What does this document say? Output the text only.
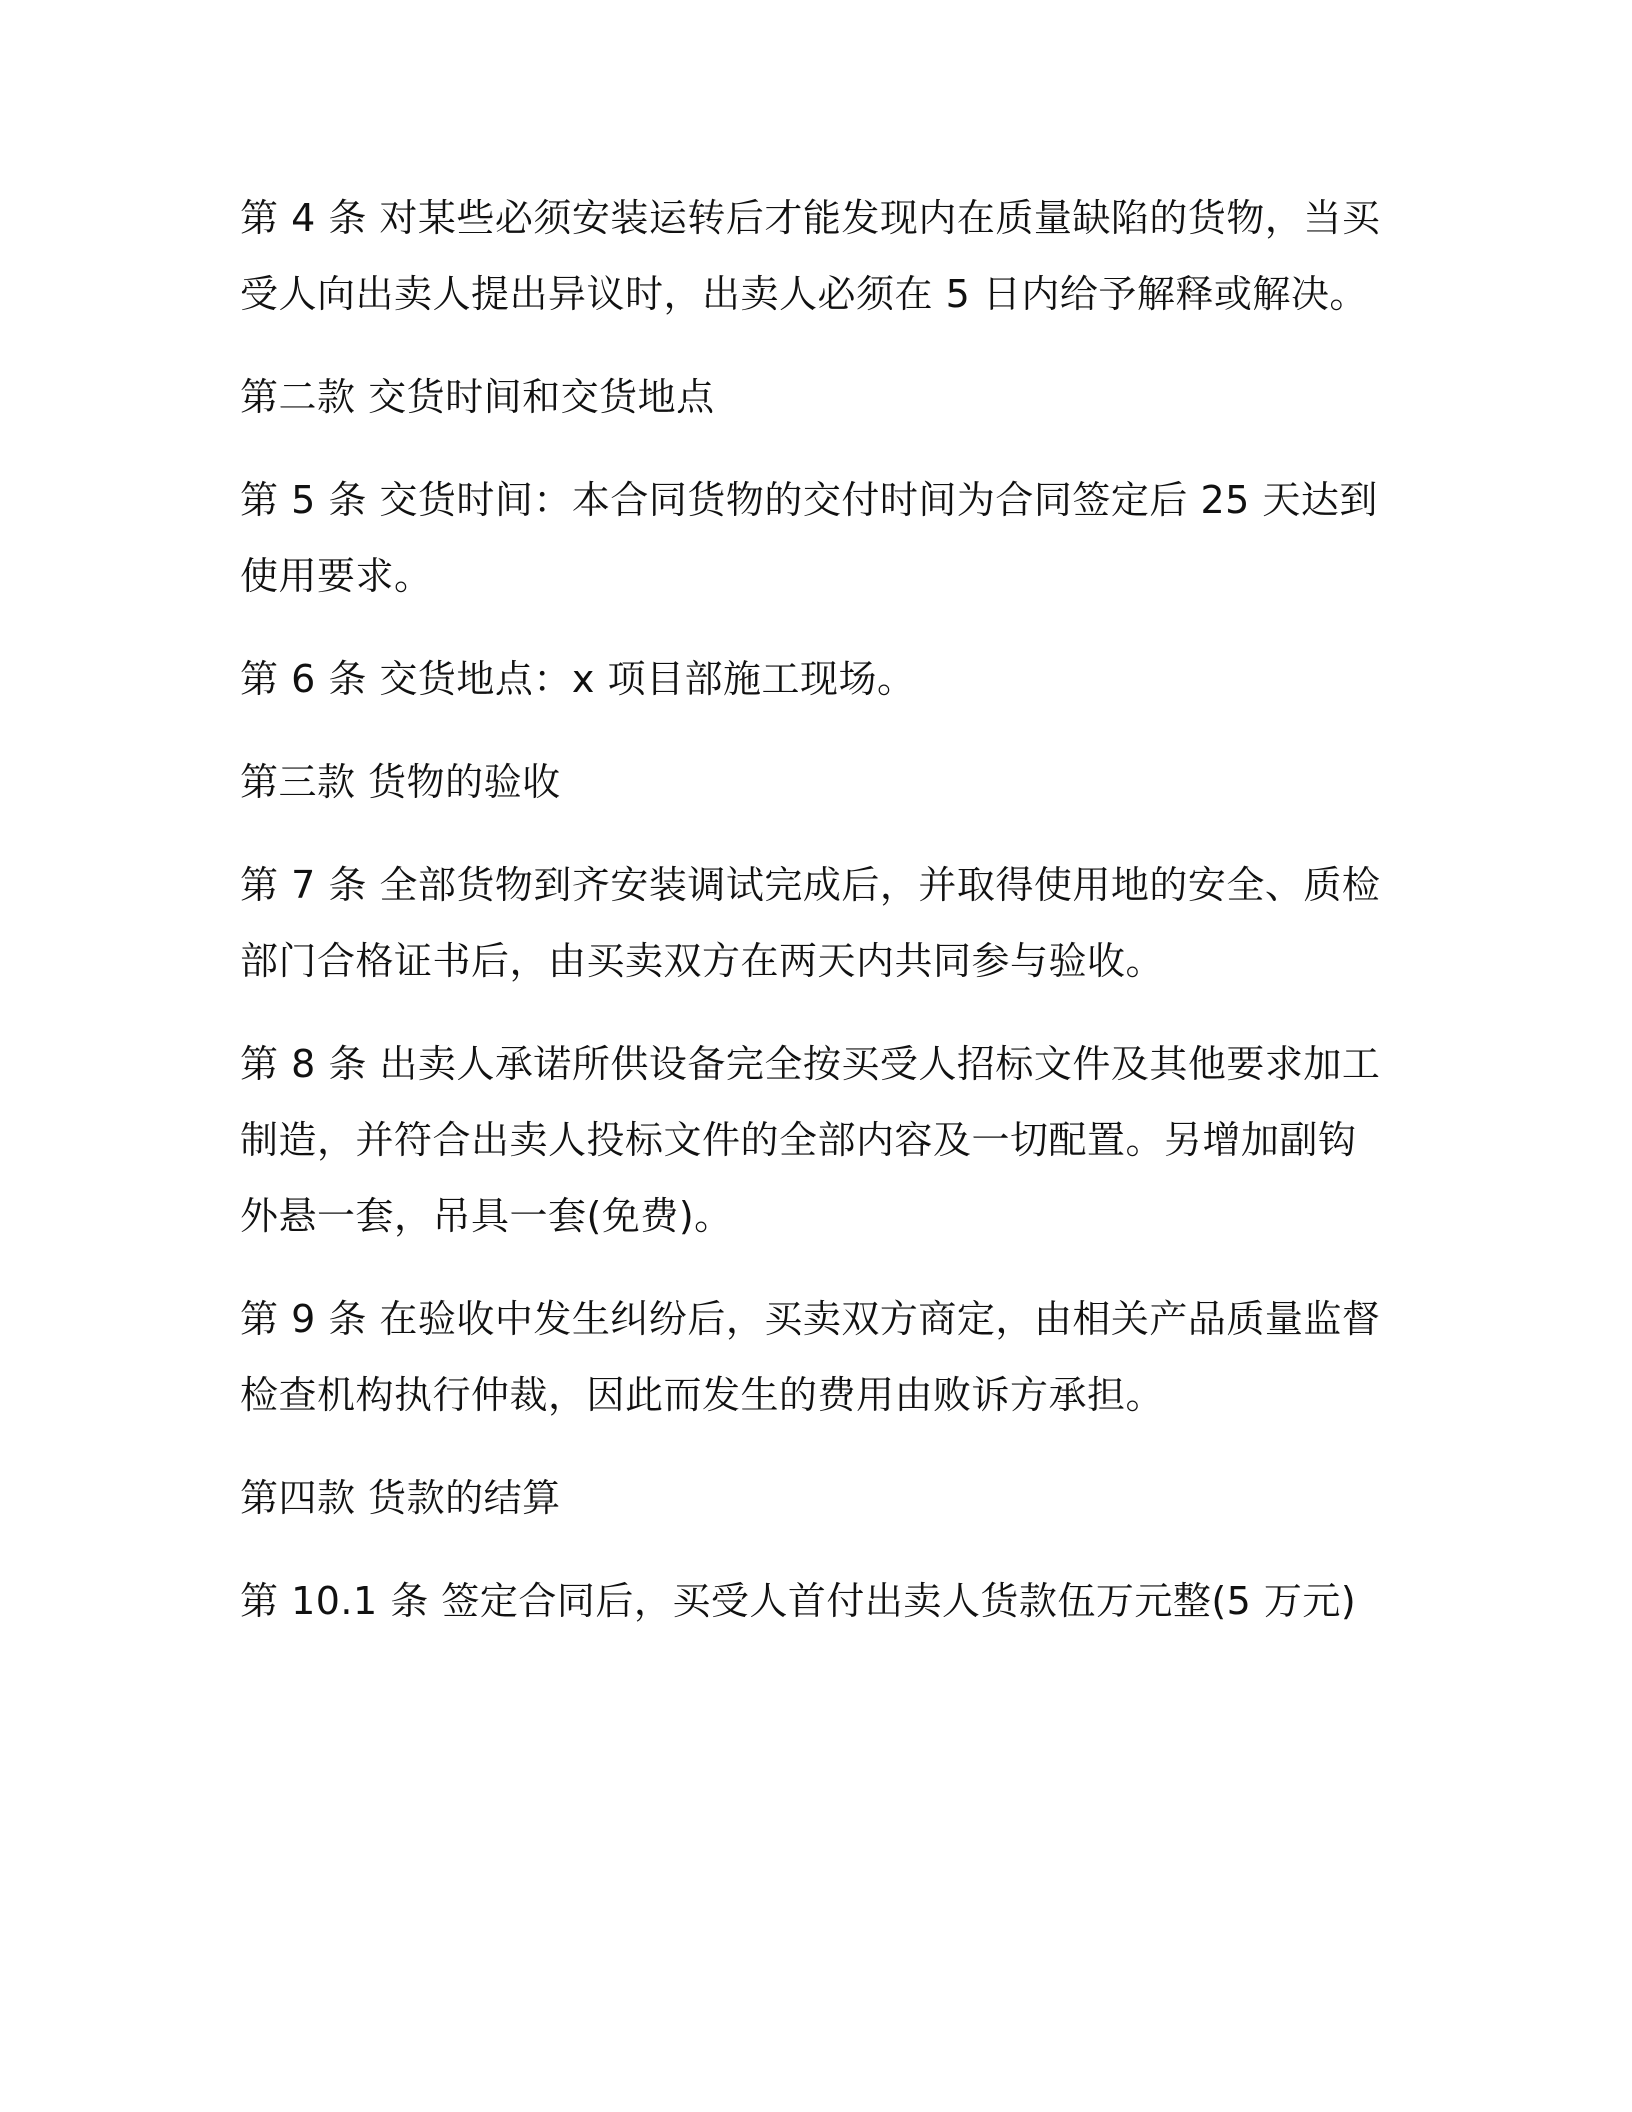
第 4 条 对某些必须安装运转后才能发现内在质量缺陷的货物，当买受人向出卖人提出异议时，出卖人必须在 5 日内给予解释或解决。

第二款 交货时间和交货地点

第 5 条 交货时间：本合同货物的交付时间为合同签定后 25 天达到使用要求。

第 6 条 交货地点：x 项目部施工现场。

第三款 货物的验收

第 7 条 全部货物到齐安装调试完成后，并取得使用地的安全、质检部门合格证书后，由买卖双方在两天内共同参与验收。

第 8 条 出卖人承诺所供设备完全按买受人招标文件及其他要求加工制造，并符合出卖人投标文件的全部内容及一切配置。另增加副钩外悬一套，吊具一套(免费)。

第 9 条 在验收中发生纠纷后，买卖双方商定，由相关产品质量监督检查机构执行仲裁，因此而发生的费用由败诉方承担。

第四款 货款的结算

第 10.1 条 签定合同后，买受人首付出卖人货款伍万元整(5 万元)
